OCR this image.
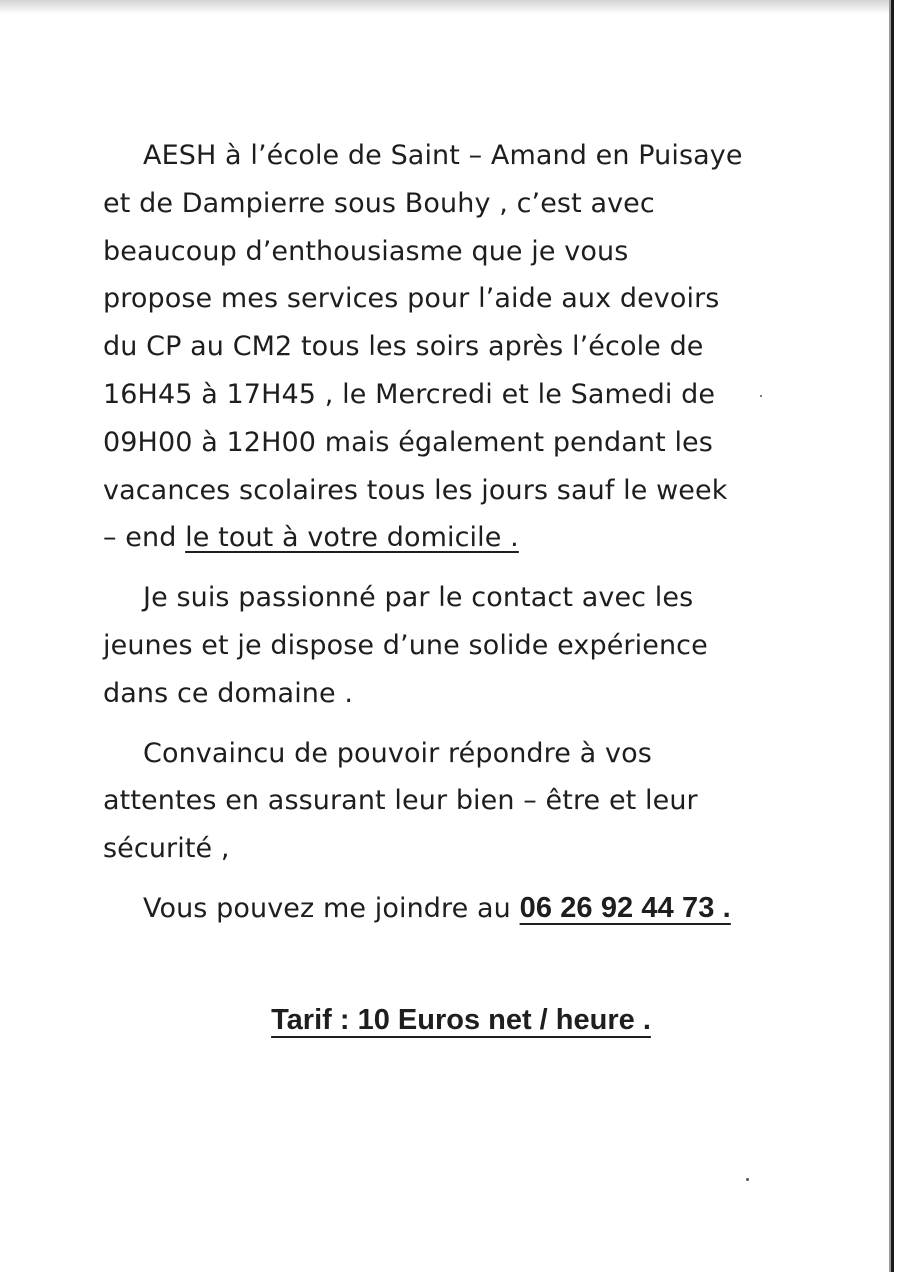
AESH à l’école de Saint – Amand en Puisaye
et de Dampierre sous Bouhy , c’est avec
beaucoup d’enthousiasme que je vous
propose mes services pour l’aide aux devoirs
du CP au CM2 tous les soirs après l’école de
16H45 à 17H45 , le Mercredi et le Samedi de
09H00 à 12H00 mais également pendant les
vacances scolaires tous les jours sauf le week
– end le tout à votre domicile .

Je suis passionné par le contact avec les
jeunes et je dispose d’une solide expérience
dans ce domaine .

Convaincu de pouvoir répondre à vos
attentes en assurant leur bien – être et leur
sécurité ,

Vous pouvez me joindre au 06 26 92 44 73 .

Tarif : 10 Euros net / heure .
